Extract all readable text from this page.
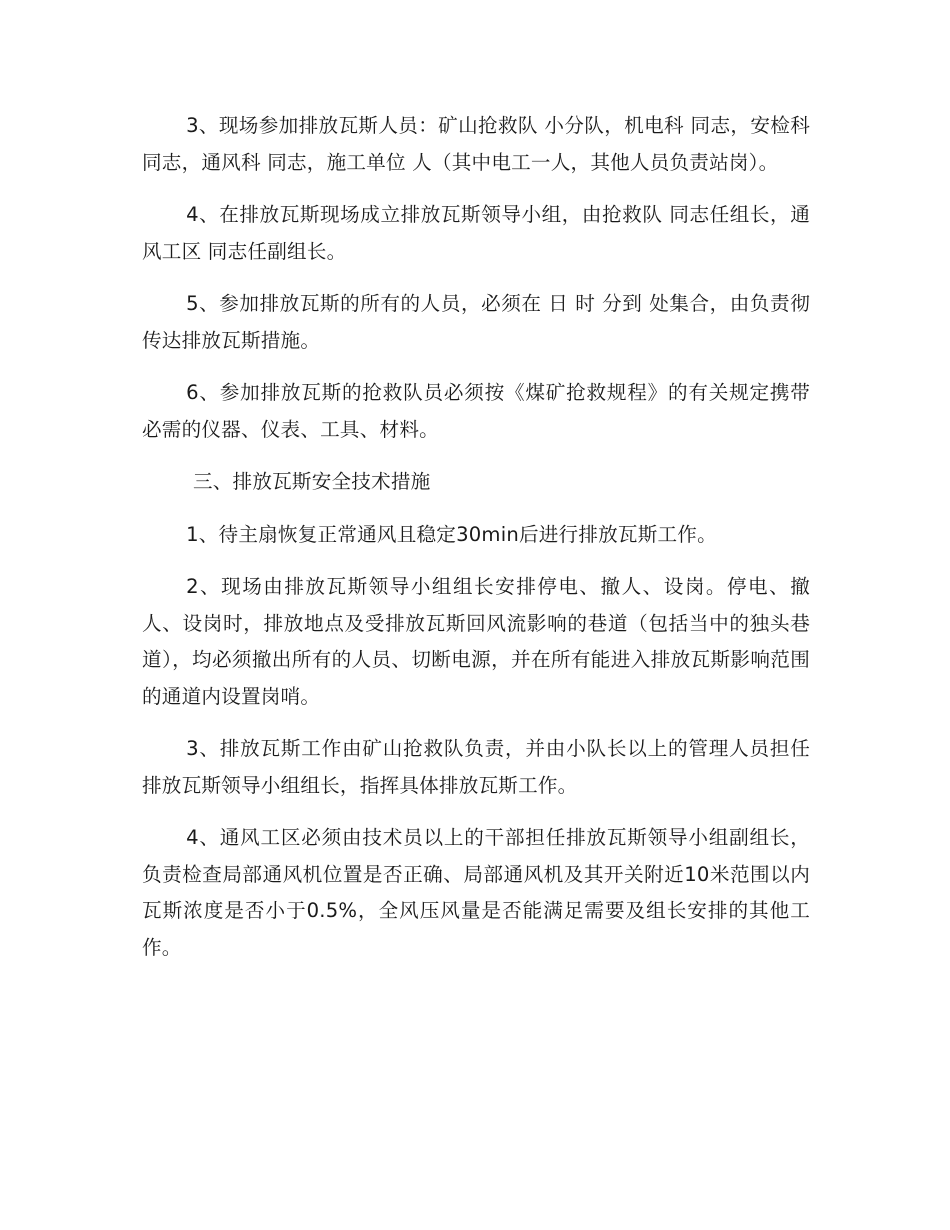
3、现场参加排放瓦斯人员：矿山抢救队 小分队，机电科 同志，安检科 同志，通风科 同志，施工单位 人（其中电工一人，其他人员负责站岗）。

4、在排放瓦斯现场成立排放瓦斯领导小组，由抢救队 同志任组长，通风工区 同志任副组长。

5、参加排放瓦斯的所有的人员，必须在 日 时 分到 处集合，由负责彻传达排放瓦斯措施。

6、参加排放瓦斯的抢救队员必须按《煤矿抢救规程》的有关规定携带必需的仪器、仪表、工具、材料。

三、排放瓦斯安全技术措施

1、待主扇恢复正常通风且稳定30min后进行排放瓦斯工作。

2、现场由排放瓦斯领导小组组长安排停电、撤人、设岗。停电、撤人、设岗时，排放地点及受排放瓦斯回风流影响的巷道（包括当中的独头巷道），均必须撤出所有的人员、切断电源，并在所有能进入排放瓦斯影响范围的通道内设置岗哨。

3、排放瓦斯工作由矿山抢救队负责，并由小队长以上的管理人员担任排放瓦斯领导小组组长，指挥具体排放瓦斯工作。

4、通风工区必须由技术员以上的干部担任排放瓦斯领导小组副组长，负责检查局部通风机位置是否正确、局部通风机及其开关附近10米范围以内瓦斯浓度是否小于0.5%，全风压风量是否能满足需要及组长安排的其他工作。
